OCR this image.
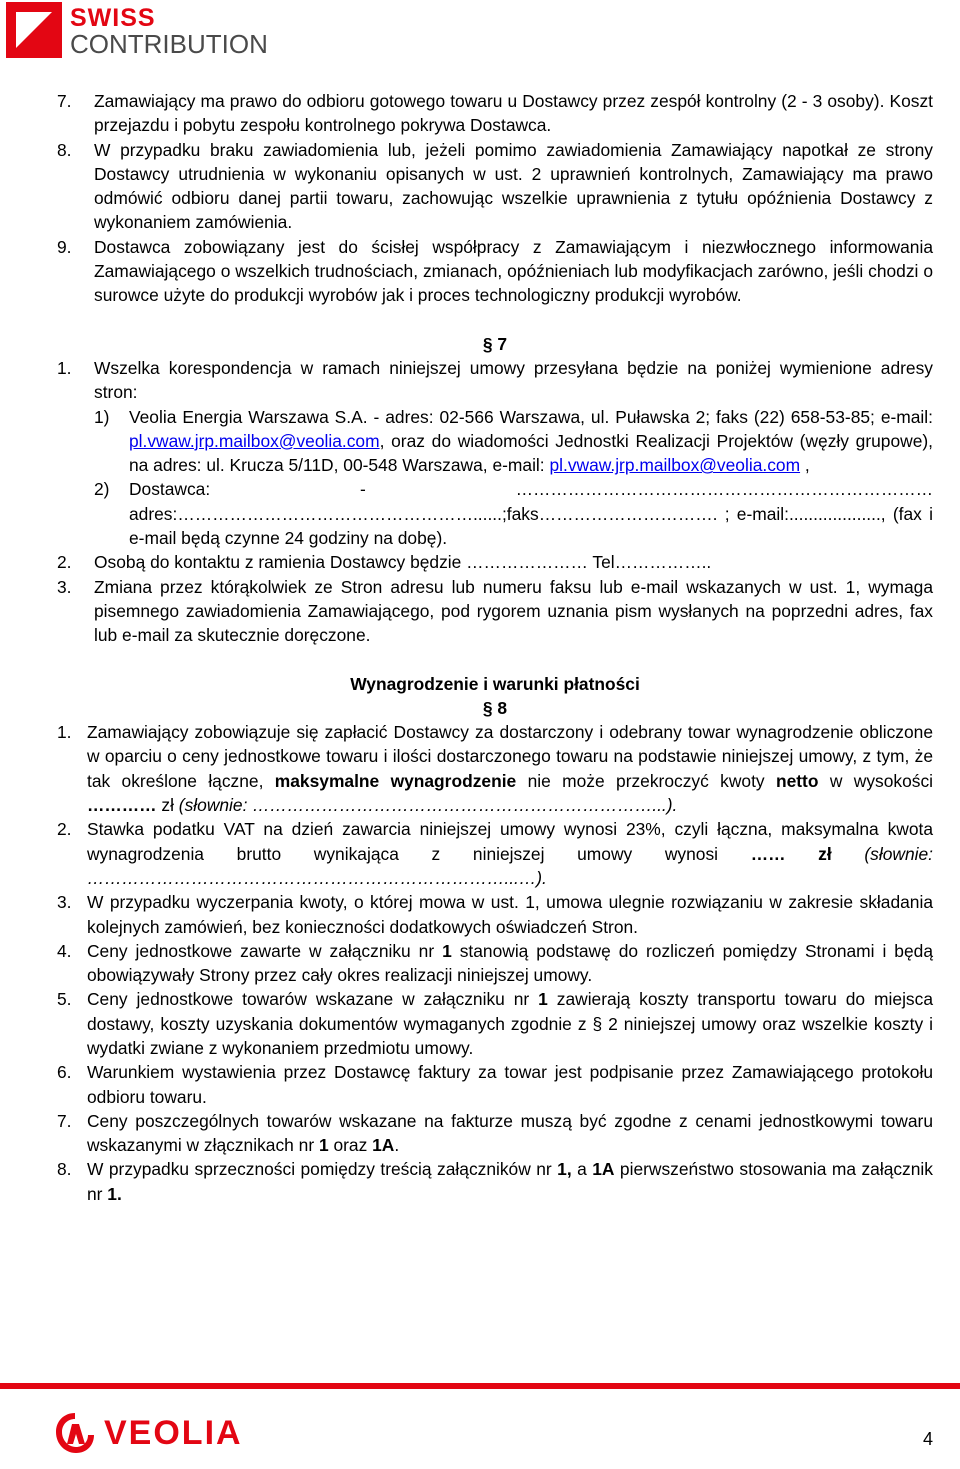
SWISS
CONTRIBUTION
7. Zamawiający ma prawo do odbioru gotowego towaru u Dostawcy przez zespół kontrolny (2 - 3 osoby). Koszt przejazdu i pobytu zespołu kontrolnego pokrywa Dostawca.
8. W przypadku braku zawiadomienia lub, jeżeli pomimo zawiadomienia Zamawiający napotkał ze strony Dostawcy utrudnienia w wykonaniu opisanych w ust. 2 uprawnień kontrolnych, Zamawiający ma prawo odmówić odbioru danej partii towaru, zachowując wszelkie uprawnienia z tytułu opóźnienia Dostawcy z wykonaniem zamówienia.
9. Dostawca zobowiązany jest do ścisłej współpracy z Zamawiającym i niezwłocznego informowania Zamawiającego o wszelkich trudnościach, zmianach, opóźnieniach lub modyfikacjach zarówno, jeśli chodzi o surowce użyte do produkcji wyrobów jak i proces technologiczny produkcji wyrobów.

§ 7

1. Wszelka korespondencja w ramach niniejszej umowy przesyłana będzie na poniżej wymienione adresy stron:
1) Veolia Energia Warszawa S.A. - adres: 02-566 Warszawa, ul. Puławska 2; faks (22) 658-53-85; e-mail: pl.vwaw.jrp.mailbox@veolia.com, oraz do wiadomości Jednostki Realizacji Projektów (węzły grupowe), na adres: ul. Krucza 5/11D, 00-548 Warszawa, e-mail: pl.vwaw.jrp.mailbox@veolia.com ,
2) Dostawca: - ……………………………………………………………… adres:……………………………………………......;faks…………………………. ; e-mail:..................., (fax i e-mail będą czynne 24 godziny na dobę).
2. Osobą do kontaktu z ramienia Dostawcy będzie ………………… Tel……………..
3. Zmiana przez którąkolwiek ze Stron adresu lub numeru faksu lub e-mail wskazanych w ust. 1, wymaga pisemnego zawiadomienia Zamawiającego, pod rygorem uznania pism wysłanych na poprzedni adres, fax lub e-mail za skutecznie doręczone.

Wynagrodzenie i warunki płatności

§ 8

1. Zamawiający zobowiązuje się zapłacić Dostawcy za dostarczony i odebrany towar wynagrodzenie obliczone w oparciu o ceny jednostkowe towaru i ilości dostarczonego towaru na podstawie niniejszej umowy, z tym, że tak określone łączne, maksymalne wynagrodzenie nie może przekroczyć kwoty netto w wysokości ………… zł (słownie: ……………………………………………………………...).
2. Stawka podatku VAT na dzień zawarcia niniejszej umowy wynosi 23%, czyli łączna, maksymalna kwota wynagrodzenia brutto wynikająca z niniejszej umowy wynosi …… zł (słownie: ………………………………………………………………...…).
3. W przypadku wyczerpania kwoty, o której mowa w ust. 1, umowa ulegnie rozwiązaniu w zakresie składania kolejnych zamówień, bez konieczności dodatkowych oświadczeń Stron.
4. Ceny jednostkowe zawarte w załączniku nr 1 stanowią podstawę do rozliczeń pomiędzy Stronami i będą obowiązywały Strony przez cały okres realizacji niniejszej umowy.
5. Ceny jednostkowe towarów wskazane w załączniku nr 1 zawierają koszty transportu towaru do miejsca dostawy, koszty uzyskania dokumentów wymaganych zgodnie z § 2 niniejszej umowy oraz wszelkie koszty i wydatki zwiane z wykonaniem przedmiotu umowy.
6. Warunkiem wystawienia przez Dostawcę faktury za towar jest podpisanie przez Zamawiającego protokołu odbioru towaru.
7. Ceny poszczególnych towarów wskazane na fakturze muszą być zgodne z cenami jednostkowymi towaru wskazanymi w złącznikach nr 1 oraz 1A.
8. W przypadku sprzeczności pomiędzy treścią załączników nr 1, a 1A pierwszeństwo stosowania ma załącznik nr 1.
VEOLIA	4
